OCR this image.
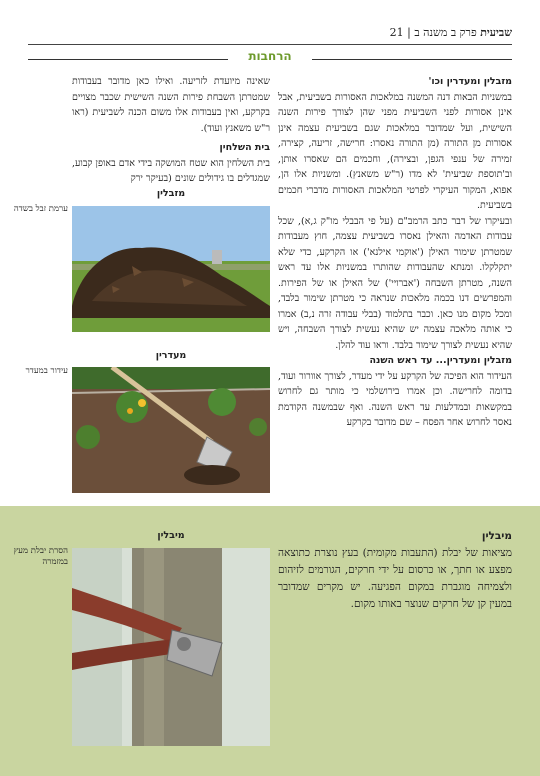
שביעית פרק ב משנה ב | 21
הרחבות

מזבלין ומעדרין וכו'

במשניות הבאות דנה המשנה במלאכות האסורות בשביעית, אבל אינן אסורות לפני השביעית מפני שהן לצורך פירות השנה השישית, ועל שמדובר במלאכות שגם בשביעית עצמה אינן אסורות מן התורה (מן התורה נאסרו: חרישה, זריעה, קצירה, זמירה של ענפי הגפן, ובצירה), וחכמים הם שאסרו אותן, וב'תוספת שביעית' לא מדו (ר"ש משאנץ). ומשניות אלו הן, אפוא, המקור העיקרי לפרטי המלאכות האסורות מדברי חכמים בשביעית.

ובעיקרו של דבר כתב הרמב"ם (על פי הבבלי מו"ק ג,א), שכל עבודות האדמה והאילן נאסרו בשביעית עצמה, חוץ מעבודות שמטרתן שימור האילן ('אוקמי אילנא') או הקרקע, כדי שלא יתקלקלו. ומנתא שהעבודות שהותרו במשניות אלו עד ראש השנה, מטרתן השבחה ('אברויי') של האילן או של הפירות. והמפרשים דנו בכמה מלאכות שנראה כי מטרתן שימור בלבד, ומכל מקום מנו כאן. וכבר בתלמוד (בבלי עבודה זרה נ,ב) אמרו כי אותה מלאכה עצמה יש שהיא נעשית לצורך השבחה, ויש שהיא נעשית לצורך שימור בלבד. וראו עוד להלן.

מזבלין ומעדרין... עד ראש השנה

העידור הוא הפיכה של הקרקע על ידי מעדר, לצורך אוורור ועוד, בדומה לחרישה. וכן אמרו בירושלמי כי מותר גם לחרוש במקשאות ובמדלעות עד ראש השנה. ואף שבמשנה הקודמת נאסר לחרוש אחר הפסח – שם מדובר בקרקע

שאינה מיועדת לזריעה. ואילו כאן מדובר בעבודות שמטרתן השבחת פירות השנה השישית שכבר מצויים בקרקע, ואין בעבודות אלו משום הכנה לשביעית (ראו ר"ש משאנץ ועוד).

בית השלחין

בית השלחין הוא שטח המושקה בידי אדם באופן קבוע, שמגדלים בו גידולים שונים (בעיקר ירק

מזבלין
ערמת זבל בשדה
מעדרין
עידור במעדר

מיבלין

מציאות של יבלת (התעבות מקומית) בעץ נוצרת כתוצאה מפצע או חתך, או כרסום על ידי חרקים, הגורמים לזיהום ולצמיחה מוגברת במקום הפגיעה. יש מקרים שמדובר במעין קן של חרקים שנוצר באותו מקום.

מיבלין
הסרת יבלת מעץ במזמרה
